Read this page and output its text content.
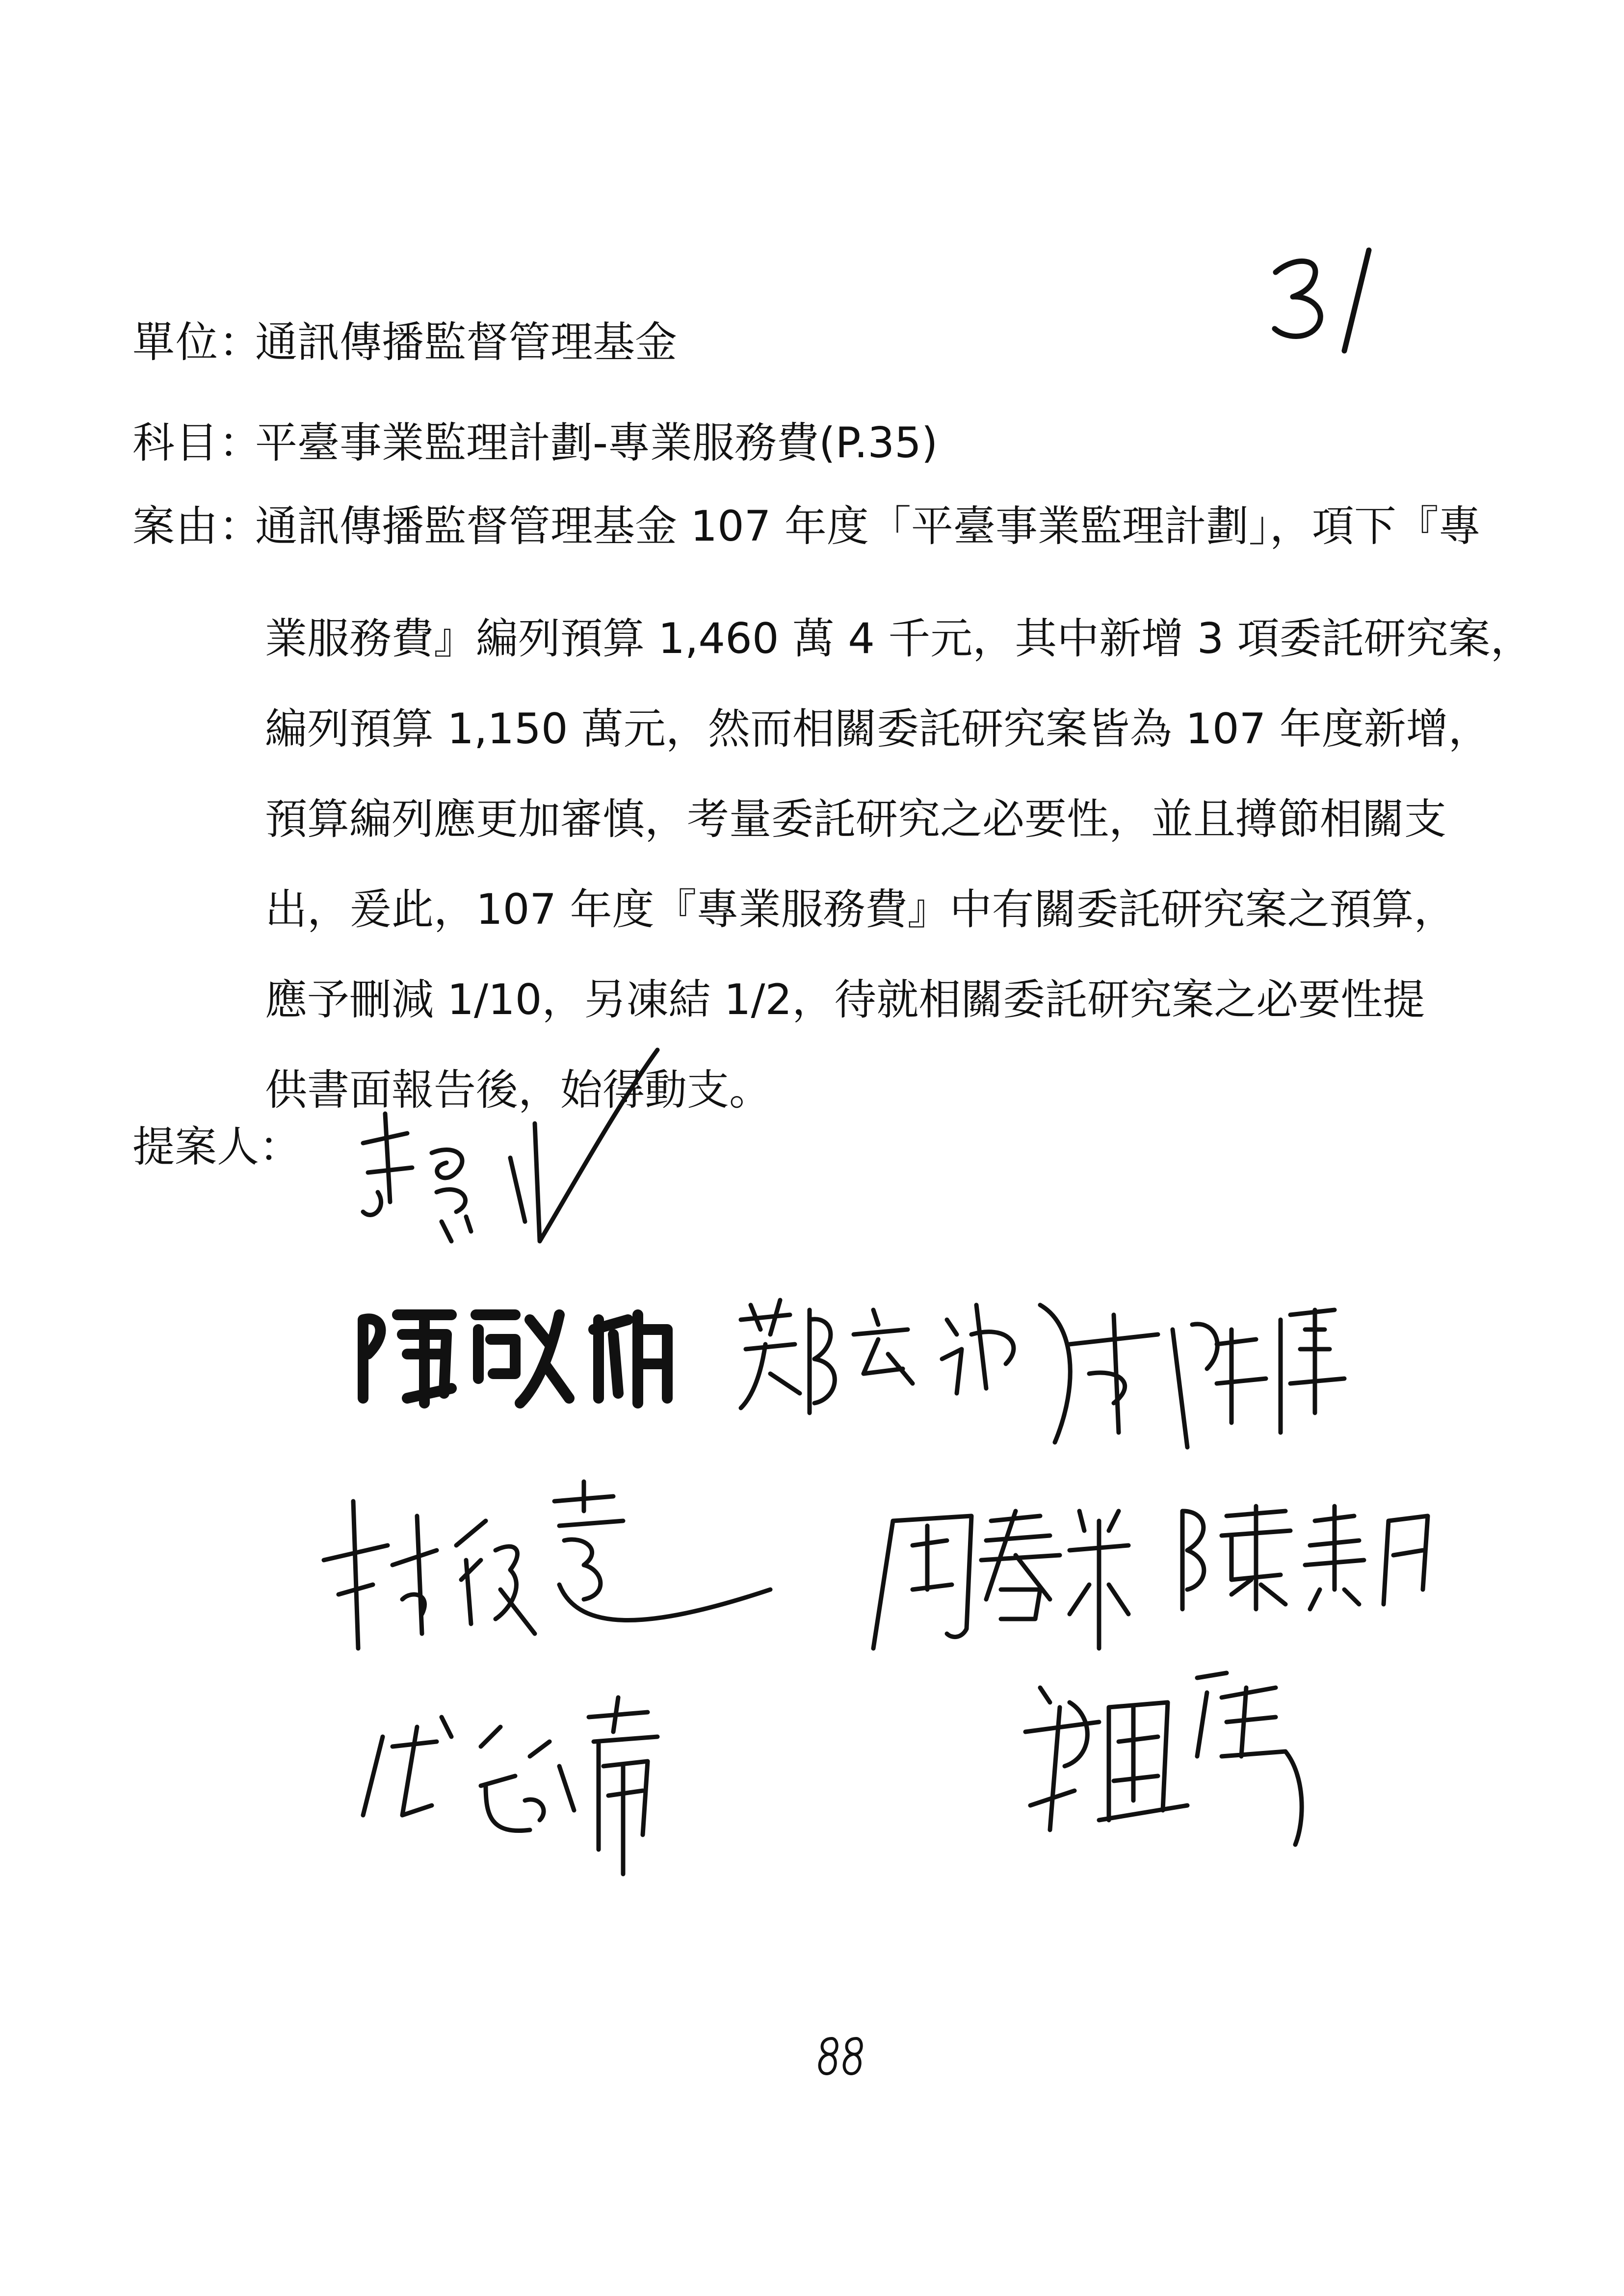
單位：通訊傳播監督管理基金
科目：平臺事業監理計劃-專業服務費(P.35)
案由：通訊傳播監督管理基金 107 年度「平臺事業監理計劃」，項下『專
業服務費』編列預算 1,460 萬 4 千元，其中新增 3 項委託研究案，
編列預算 1,150 萬元，然而相關委託研究案皆為 107 年度新增，
預算編列應更加審慎，考量委託研究之必要性，並且撙節相關支
出，爰此，107 年度『專業服務費』中有關委託研究案之預算，
應予刪減 1/10，另凍結 1/2，待就相關委託研究案之必要性提
供書面報告後，始得動支。
提案人：
